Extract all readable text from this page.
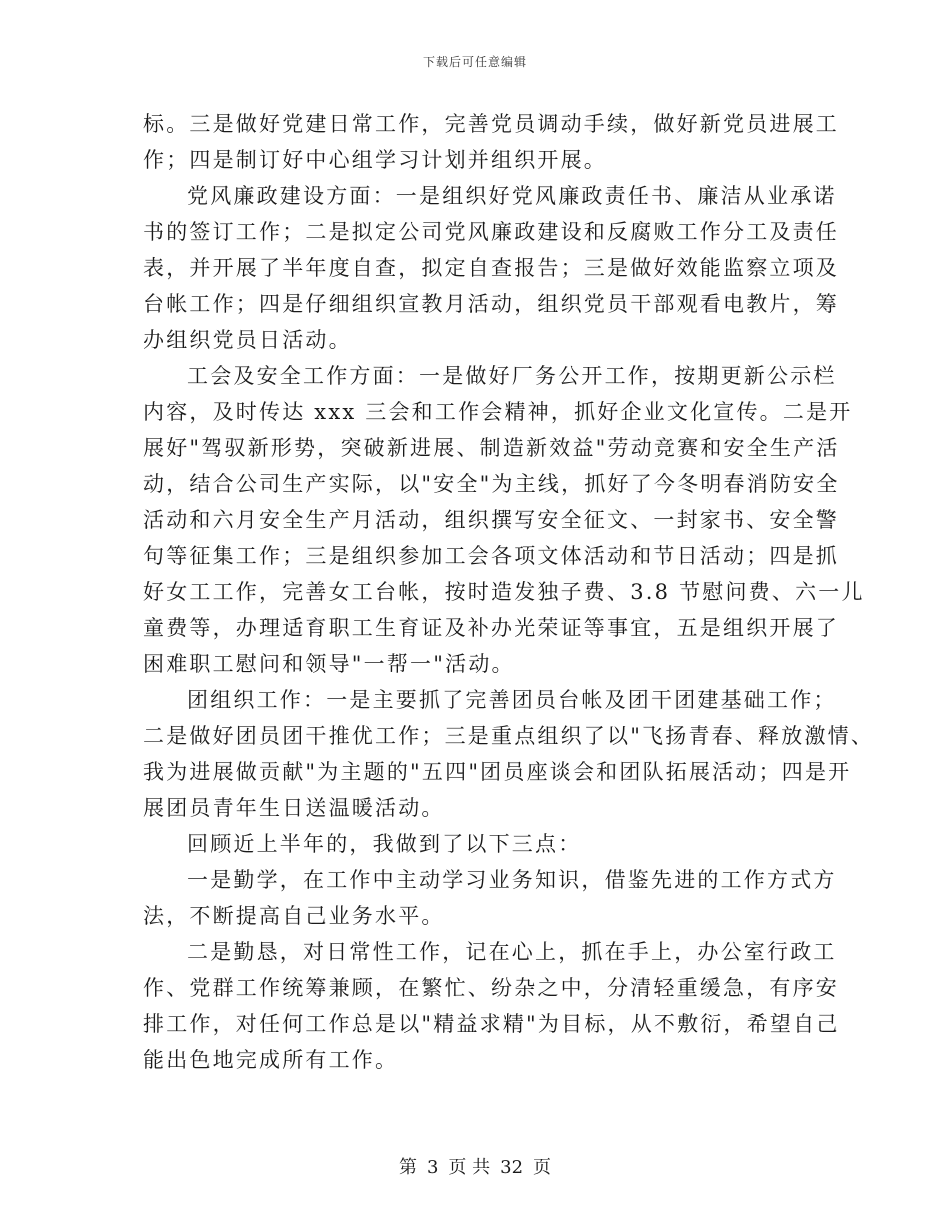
下载后可任意编辑
标。三是做好党建日常工作，完善党员调动手续，做好新党员进展工
作；四是制订好中心组学习计划并组织开展。
党风廉政建设方面：一是组织好党风廉政责任书、廉洁从业承诺
书的签订工作；二是拟定公司党风廉政建设和反腐败工作分工及责任
表，并开展了半年度自查，拟定自查报告；三是做好效能监察立项及
台帐工作；四是仔细组织宣教月活动，组织党员干部观看电教片，筹
办组织党员日活动。
工会及安全工作方面：一是做好厂务公开工作，按期更新公示栏
内容，及时传达 xxx 三会和工作会精神，抓好企业文化宣传。二是开
展好"驾驭新形势，突破新进展、制造新效益"劳动竞赛和安全生产活
动，结合公司生产实际，以"安全"为主线，抓好了今冬明春消防安全
活动和六月安全生产月活动，组织撰写安全征文、一封家书、安全警
句等征集工作；三是组织参加工会各项文体活动和节日活动；四是抓
好女工工作，完善女工台帐，按时造发独子费、3.8 节慰问费、六一儿
童费等，办理适育职工生育证及补办光荣证等事宜，五是组织开展了
困难职工慰问和领导"一帮一"活动。
团组织工作：一是主要抓了完善团员台帐及团干团建基础工作；
二是做好团员团干推优工作；三是重点组织了以"飞扬青春、释放激情、
我为进展做贡献"为主题的"五四"团员座谈会和团队拓展活动；四是开
展团员青年生日送温暖活动。
回顾近上半年的，我做到了以下三点：
一是勤学，在工作中主动学习业务知识，借鉴先进的工作方式方
法，不断提高自己业务水平。
二是勤恳，对日常性工作，记在心上，抓在手上，办公室行政工
作、党群工作统筹兼顾，在繁忙、纷杂之中，分清轻重缓急，有序安
排工作，对任何工作总是以"精益求精"为目标，从不敷衍，希望自己
能出色地完成所有工作。
第 3 页 共 32 页
